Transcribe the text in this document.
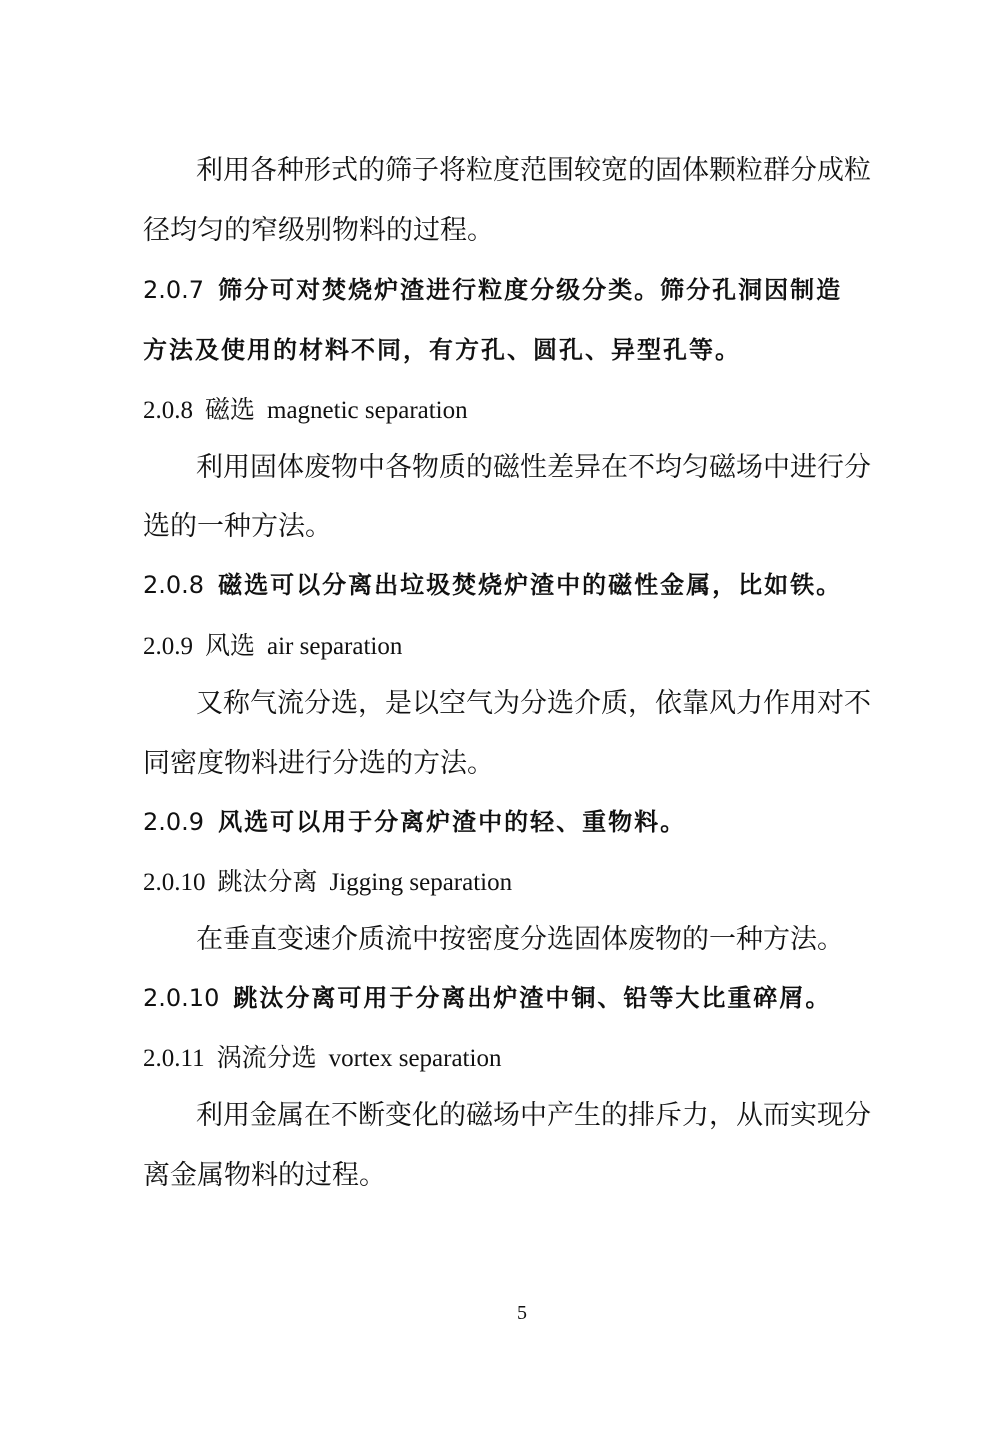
利用各种形式的筛子将粒度范围较宽的固体颗粒群分成粒
径均匀的窄级别物料的过程。
2.0.7 筛分可对焚烧炉渣进行粒度分级分类。筛分孔洞因制造
方法及使用的材料不同，有方孔、圆孔、异型孔等。
2.0.8 磁选 magnetic separation
利用固体废物中各物质的磁性差异在不均匀磁场中进行分
选的一种方法。
2.0.8 磁选可以分离出垃圾焚烧炉渣中的磁性金属，比如铁。
2.0.9 风选 air separation
又称气流分选，是以空气为分选介质，依靠风力作用对不
同密度物料进行分选的方法。
2.0.9 风选可以用于分离炉渣中的轻、重物料。
2.0.10 跳汰分离 Jigging separation
在垂直变速介质流中按密度分选固体废物的一种方法。
2.0.10 跳汰分离可用于分离出炉渣中铜、铅等大比重碎屑。
2.0.11 涡流分选 vortex separation
利用金属在不断变化的磁场中产生的排斥力，从而实现分
离金属物料的过程。
5
